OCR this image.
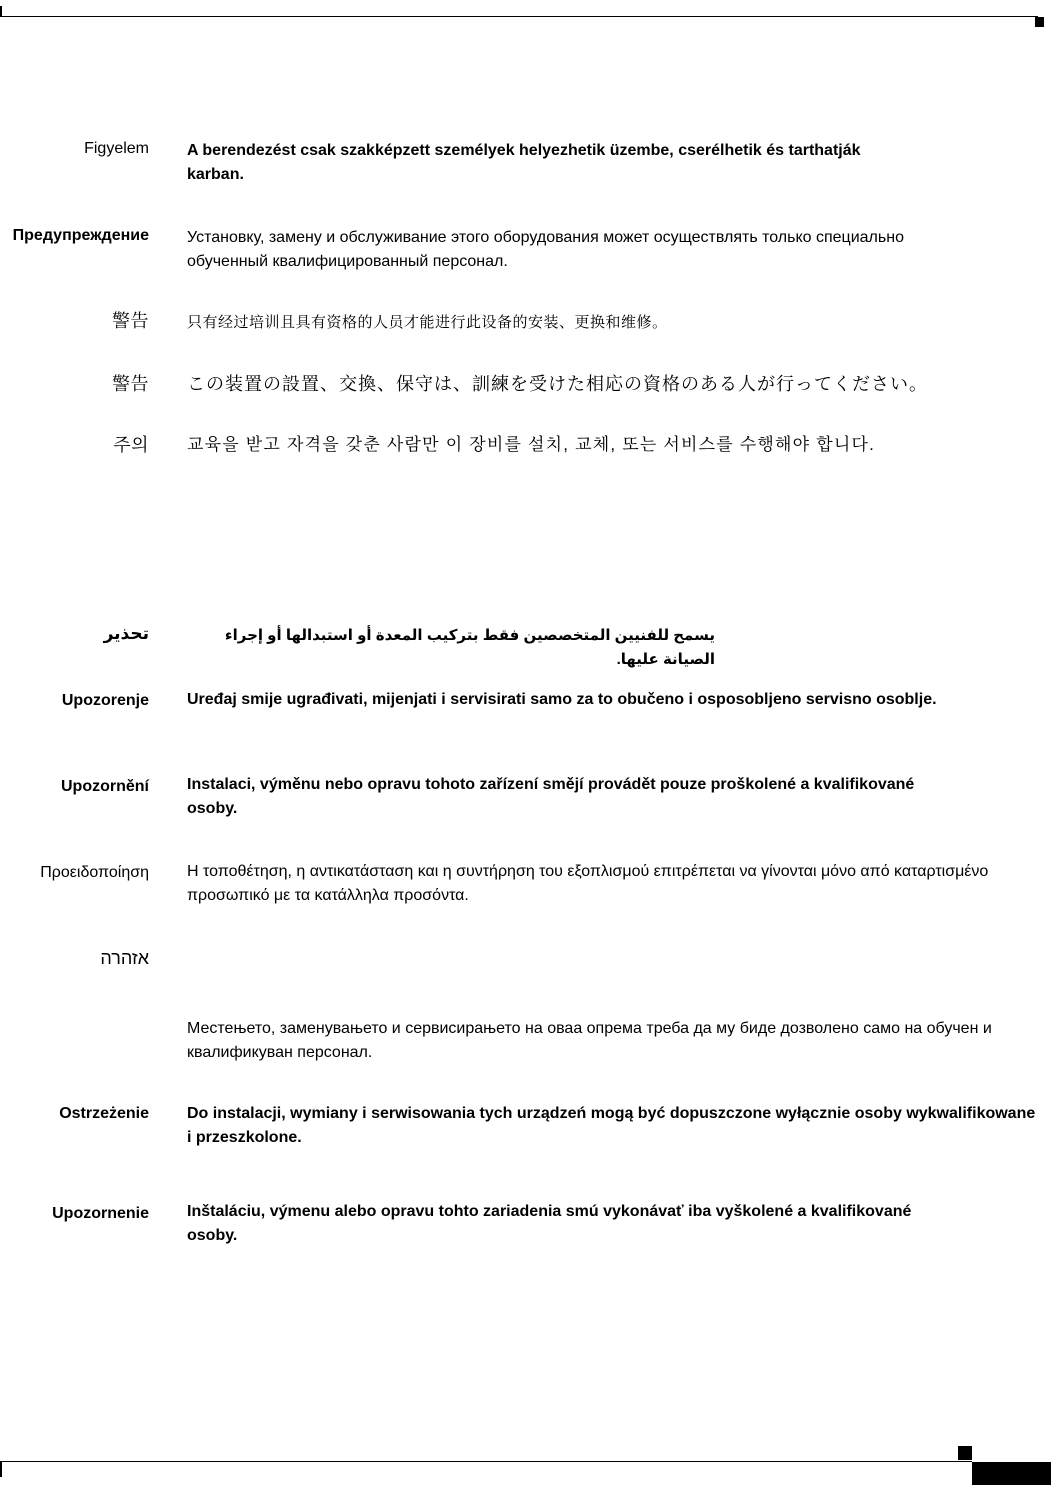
Figyelem A berendezést csak szakképzett személyek helyezhetik üzembe, cserélhetik és tarthatják karban.
Предупреждение Установку, замену и обслуживание этого оборудования может осуществлять только специально обученный квалифицированный персонал.
警告	只有经过培训且具有资格的人员才能进行此设备的安装、更换和维修。
警告 この装置の設置、交換、保守は、訓練を受けた相応の資格のある人が行ってください。
주의 교육을 받고 자격을 갖춘 사람만 이 장비를 설치, 교체, 또는 서비스를 수행해야 합니다.
تحذير	يسمح للفنيين المتخصصين فقط بتركيب المعدة أو استبدالها أو إجراء الصيانة عليها.
Upozorenje Uređaj smije ugrađivati, mijenjati i servisirati samo za to obučeno i osposobljeno servisno osoblje.
Upozornění Instalaci, výměnu nebo opravu tohoto zařízení smějí provádět pouze proškolené a kvalifikované osoby.
Προειδοποίηση Η τοποθέτηση, η αντικατάσταση και η συντήρηση του εξοπλισμού επιτρέπεται να γίνονται μόνο από καταρτισμένο προσωπικό με τα κατάλληλα προσόντα.
אזהרה
Местењето, заменувањето и сервисирањето на оваа опрема треба да му биде дозволено само на обучен и квалификуван персонал.
Ostrzeżenie Do instalacji, wymiany i serwisowania tych urządzeń mogą być dopuszczone wyłącznie osoby wykwalifikowane i przeszkolone.
Upozornenie Inštaláciu, výmenu alebo opravu tohto zariadenia smú vykonávať iba vyškolené a kvalifikované osoby.
